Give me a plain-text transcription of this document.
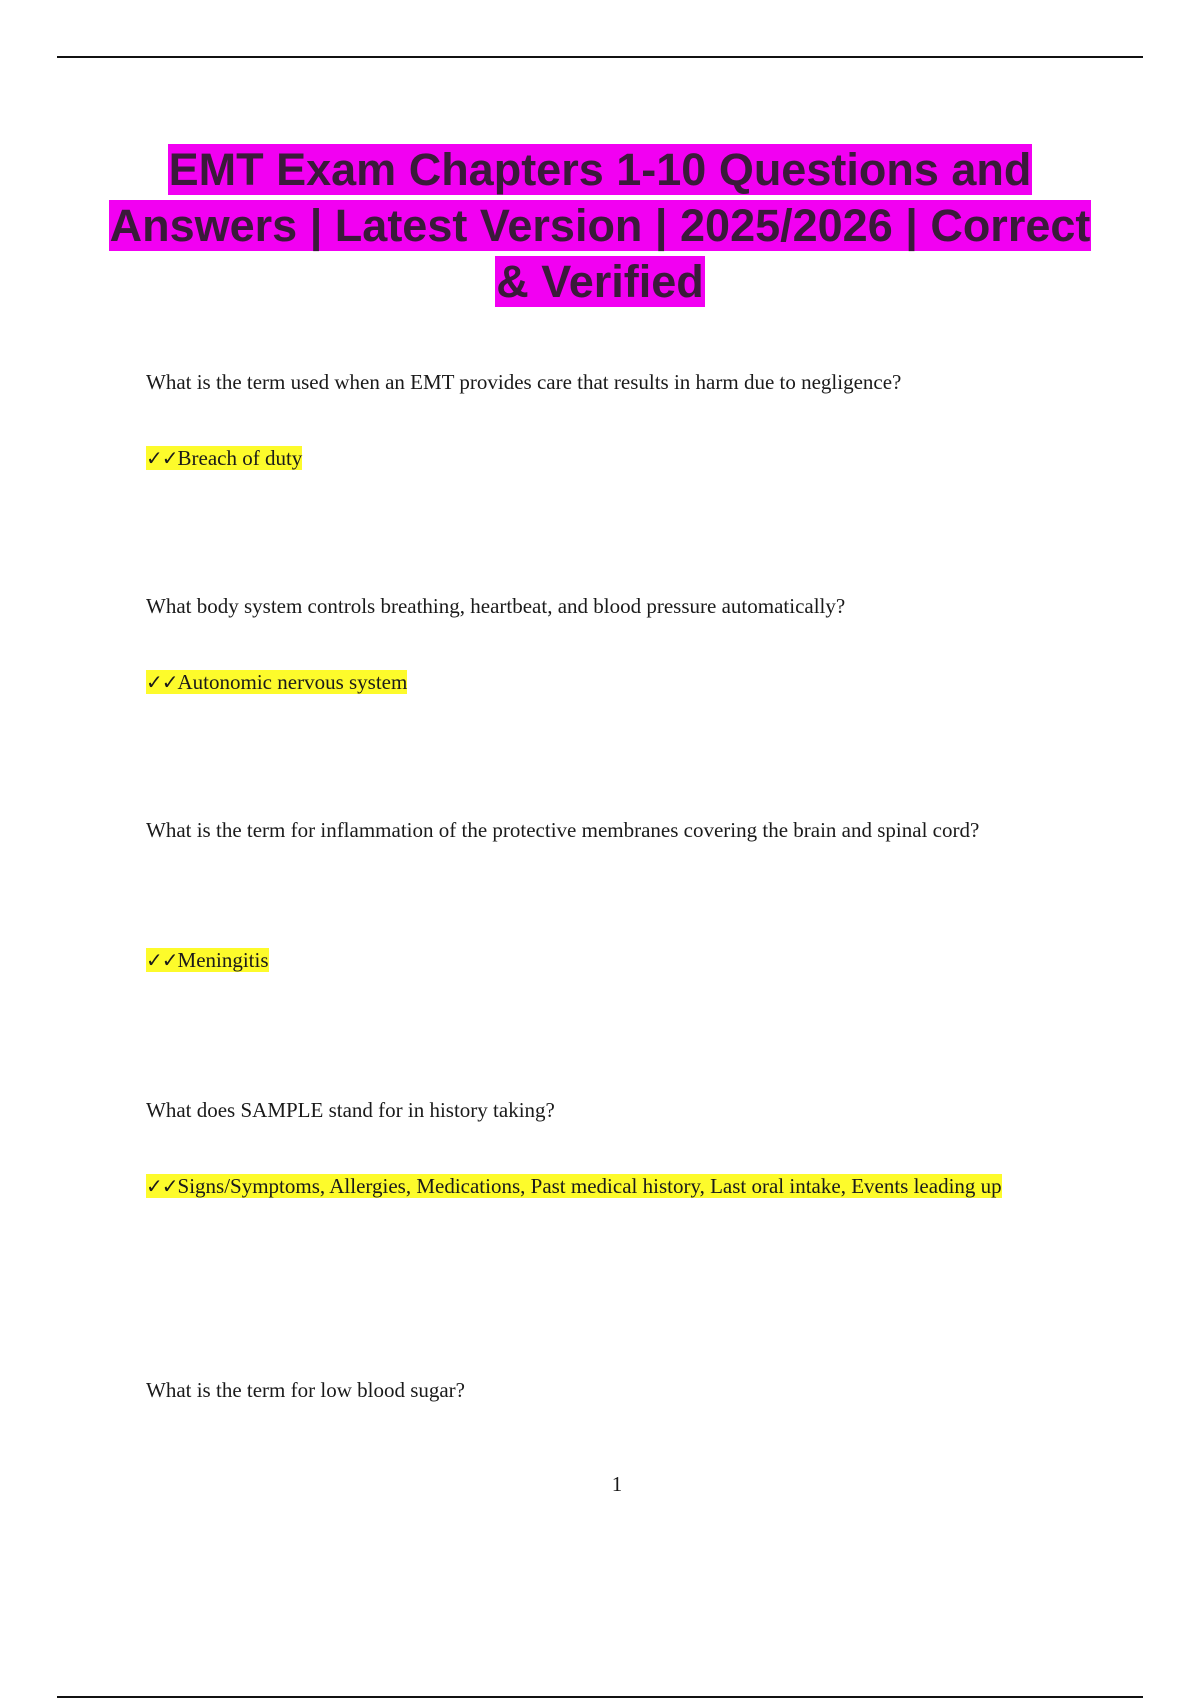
EMT Exam Chapters 1-10 Questions and Answers | Latest Version | 2025/2026 | Correct & Verified

What is the term used when an EMT provides care that results in harm due to negligence?

✓✓Breach of duty

What body system controls breathing, heartbeat, and blood pressure automatically?

✓✓Autonomic nervous system

What is the term for inflammation of the protective membranes covering the brain and spinal cord?

✓✓Meningitis

What does SAMPLE stand for in history taking?

✓✓Signs/Symptoms, Allergies, Medications, Past medical history, Last oral intake, Events leading up

What is the term for low blood sugar?

1
